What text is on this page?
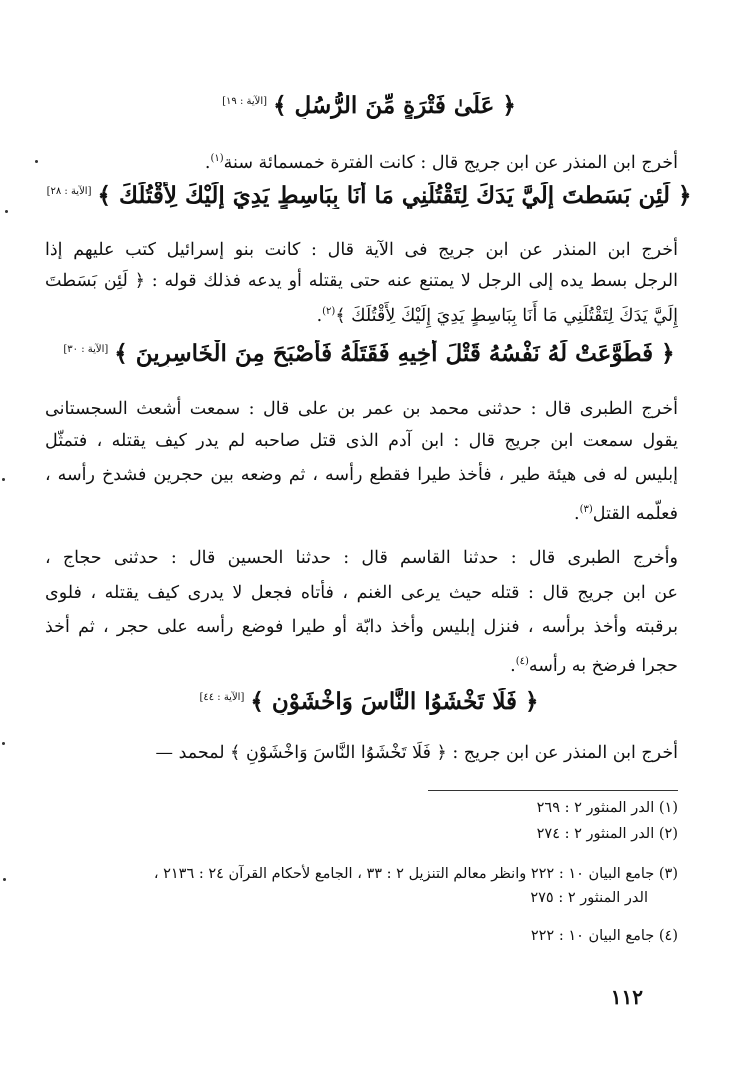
﴿ عَلَىٰ فَتْرَةٍ مِّنَ الرُّسُلِ ﴾[الآية : ١٩]
أخرج ابن المنذر عن ابن جريج قال : كانت الفترة خمسمائة سنة$^{(١)}$.
﴿ لَئِن بَسَطتَ إِلَيَّ يَدَكَ لِتَقْتُلَنِي مَا أَنَا بِبَاسِطٍ يَدِيَ إِلَيْكَ لِأَقْتُلَكَ ﴾[الآية : ٢٨]
أخرج ابن المنذر عن ابن جريج فى الآية قال : كانت بنو إسرائيل كتب عليهم إذا
الرجل بسط يده إلى الرجل لا يمتنع عنه حتى يقتله أو يدعه فذلك قوله : ﴿ لَئِن بَسَطتَ
إِلَيَّ يَدَكَ لِتَقْتُلَنِي مَا أَنَا بِبَاسِطٍ يَدِيَ إِلَيْكَ لِأَقْتُلَكَ ﴾$^{(٢)}$.
﴿ فَطَوَّعَتْ لَهُ نَفْسُهُ قَتْلَ أَخِيهِ فَقَتَلَهُ فَأَصْبَحَ مِنَ الْخَاسِرِينَ ﴾[الآية : ٣٠]
أخرج الطبرى قال : حدثنى محمد بن عمر بن على قال : سمعت أشعث السجستانى
يقول سمعت ابن جريج قال : ابن آدم الذى قتل صاحبه لم يدر كيف يقتله ، فتمثّل
إبليس له فى هيئة طير ، فأخذ طيرا فقطع رأسه ، ثم وضعه بين حجرين فشدخ رأسه ،
فعلّمه القتل$^{(٣)}$.
وأخرج الطبرى قال : حدثنا القاسم قال : حدثنا الحسين قال : حدثنى حجاج ،
عن ابن جريج قال : قتله حيث يرعى الغنم ، فأتاه فجعل لا يدرى كيف يقتله ، فلوى
برقبته وأخذ برأسه ، فنزل إبليس وأخذ دابّة أو طيرا فوضع رأسه على حجر ، ثم أخذ
حجرا فرضخ به رأسه$^{(٤)}$.
﴿ فَلَا تَخْشَوُا النَّاسَ وَاخْشَوْنِ ﴾[الآية : ٤٤]
أخرج ابن المنذر عن ابن جريج : ﴿ فَلَا تَخْشَوُا النَّاسَ وَاخْشَوْنِ ﴾ لمحمد —
(١) الدر المنثور ٢ : ٢٦٩
(٢) الدر المنثور ٢ : ٢٧٤
(٣) جامع البيان ١٠ : ٢٢٢ وانظر معالم التنزيل ٢ : ٣٣ ، الجامع لأحكام القرآن ٢٤ : ٢١٣٦ ،
الدر المنثور ٢ : ٢٧٥
(٤) جامع البيان ١٠ : ٢٢٢
١١٢
